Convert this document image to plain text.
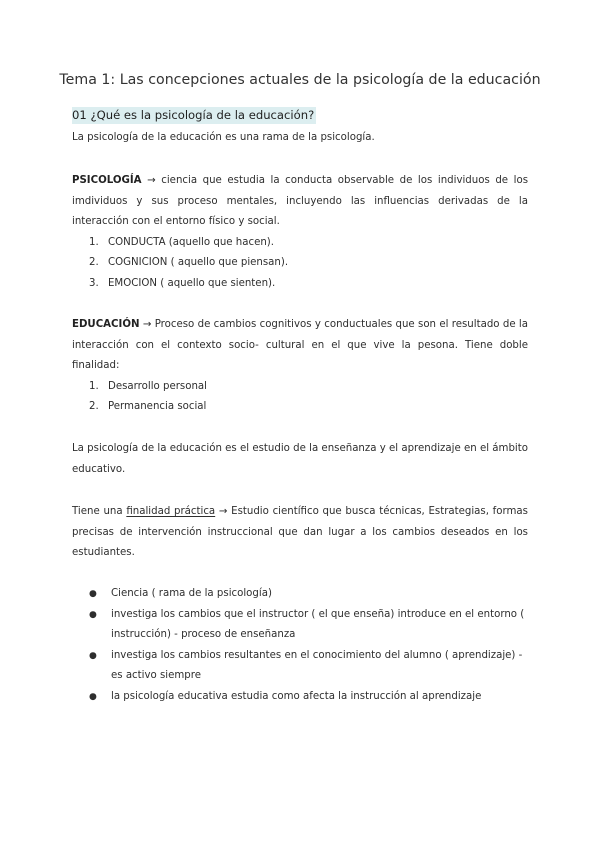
Tema 1: Las concepciones actuales de la psicología de la educación
01 ¿Qué es la psicología de la educación?
La psicología de la educación es una rama de la psicología.

PSICOLOGÍA → ciencia que estudia la conducta observable de los individuos de los imdividuos y sus proceso mentales, incluyendo las influencias derivadas de la interacción con el entorno físico y social.

1. CONDUCTA (aquello que hacen).
2. COGNICION ( aquello que piensan).
3. EMOCION ( aquello que sienten).

EDUCACIÓN → Proceso de cambios cognitivos y conductuales que son el resultado de la interacción con el contexto socio- cultural en el que vive la pesona. Tiene doble finalidad:

1. Desarrollo personal
2. Permanencia social

La psicología de la educación es el estudio de la enseñanza y el aprendizaje en el ámbito educativo.

Tiene una finalidad práctica → Estudio científico que busca técnicas, Estrategias, formas precisas de intervención instruccional que dan lugar a los cambios deseados en los estudiantes.

● Ciencia ( rama de la psicología)
● investiga los cambios que el instructor ( el que enseña) introduce en el entorno ( instrucción) - proceso de enseñanza
● investiga los cambios resultantes en el conocimiento del alumno ( aprendizaje) - es activo siempre
● la psicología educativa estudia como afecta la instrucción al aprendizaje
